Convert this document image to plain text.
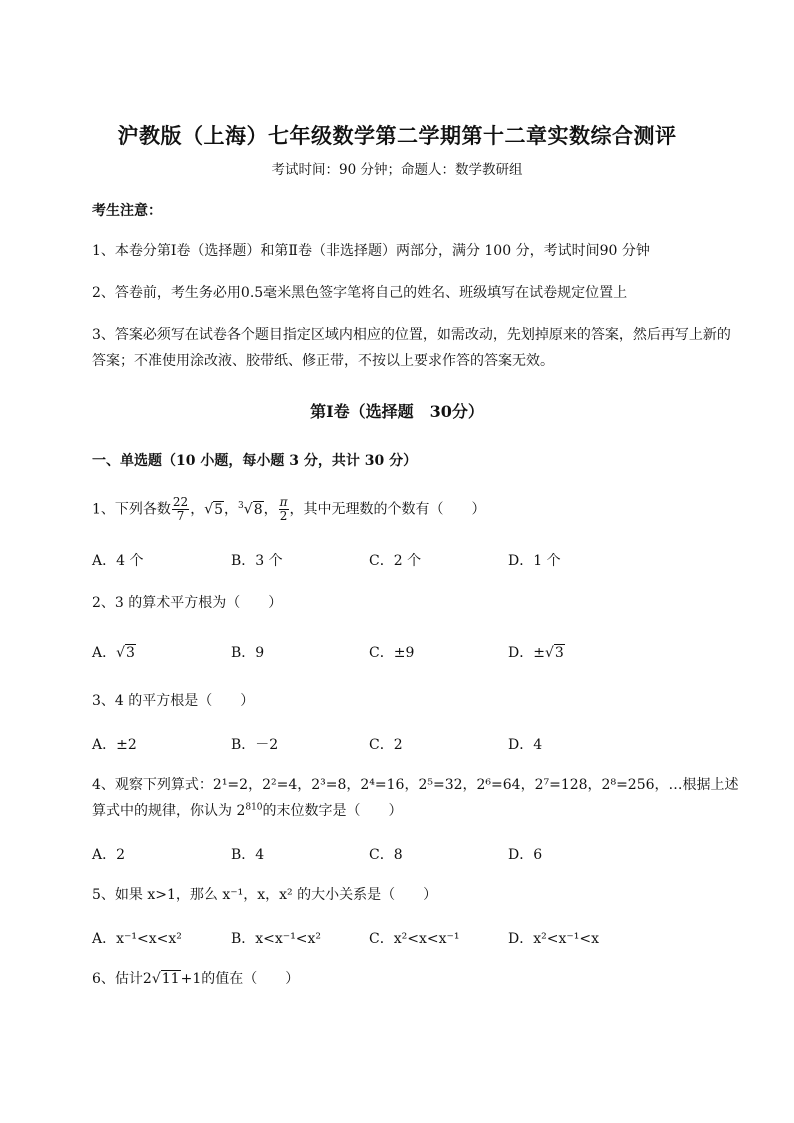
沪教版（上海）七年级数学第二学期第十二章实数综合测评
考试时间：90 分钟；命题人：数学教研组
考生注意：
1、本卷分第Ⅰ卷（选择题）和第Ⅱ卷（非选择题）两部分，满分 100 分，考试时间90 分钟
2、答卷前，考生务必用0.5毫米黑色签字笔将自己的姓名、班级填写在试卷规定位置上
3、答案必须写在试卷各个题目指定区域内相应的位置，如需改动，先划掉原来的答案，然后再写上新的答案；不准使用涂改液、胶带纸、修正带，不按以上要求作答的答案无效。
第Ⅰ卷（选择题　30分）
一、单选题（10 小题，每小题 3 分，共计 30 分）
1、下列各数 $\frac{22}{7}$ ，√5，$^3$√8， $\frac{\pi}{2}$ ，其中无理数的个数有（　　）
A．4 个	B．3 个	C．2 个	D．1 个
2、3 的算术平方根为（　　）
A．√3	B．9	C．±9	D．±√3
3、4 的平方根是（　　）
A．±2	B．－2	C．2	D．4
4、观察下列算式：2¹=2，2²=4，2³=8，2⁴=16，2⁵=32，2⁶=64，2⁷=128，2⁸=256，…根据上述
算式中的规律，你认为 $2^{810}$的末位数字是（　　）
A．2	B．4	C．8	D．6
5、如果 x>1，那么 x⁻¹，x，x² 的大小关系是（　　）
A．x⁻¹<x<x²	B．x<x⁻¹<x²	C．x²<x<x⁻¹	D．x²<x⁻¹<x
6、估计2√11+1的值在（　　）
